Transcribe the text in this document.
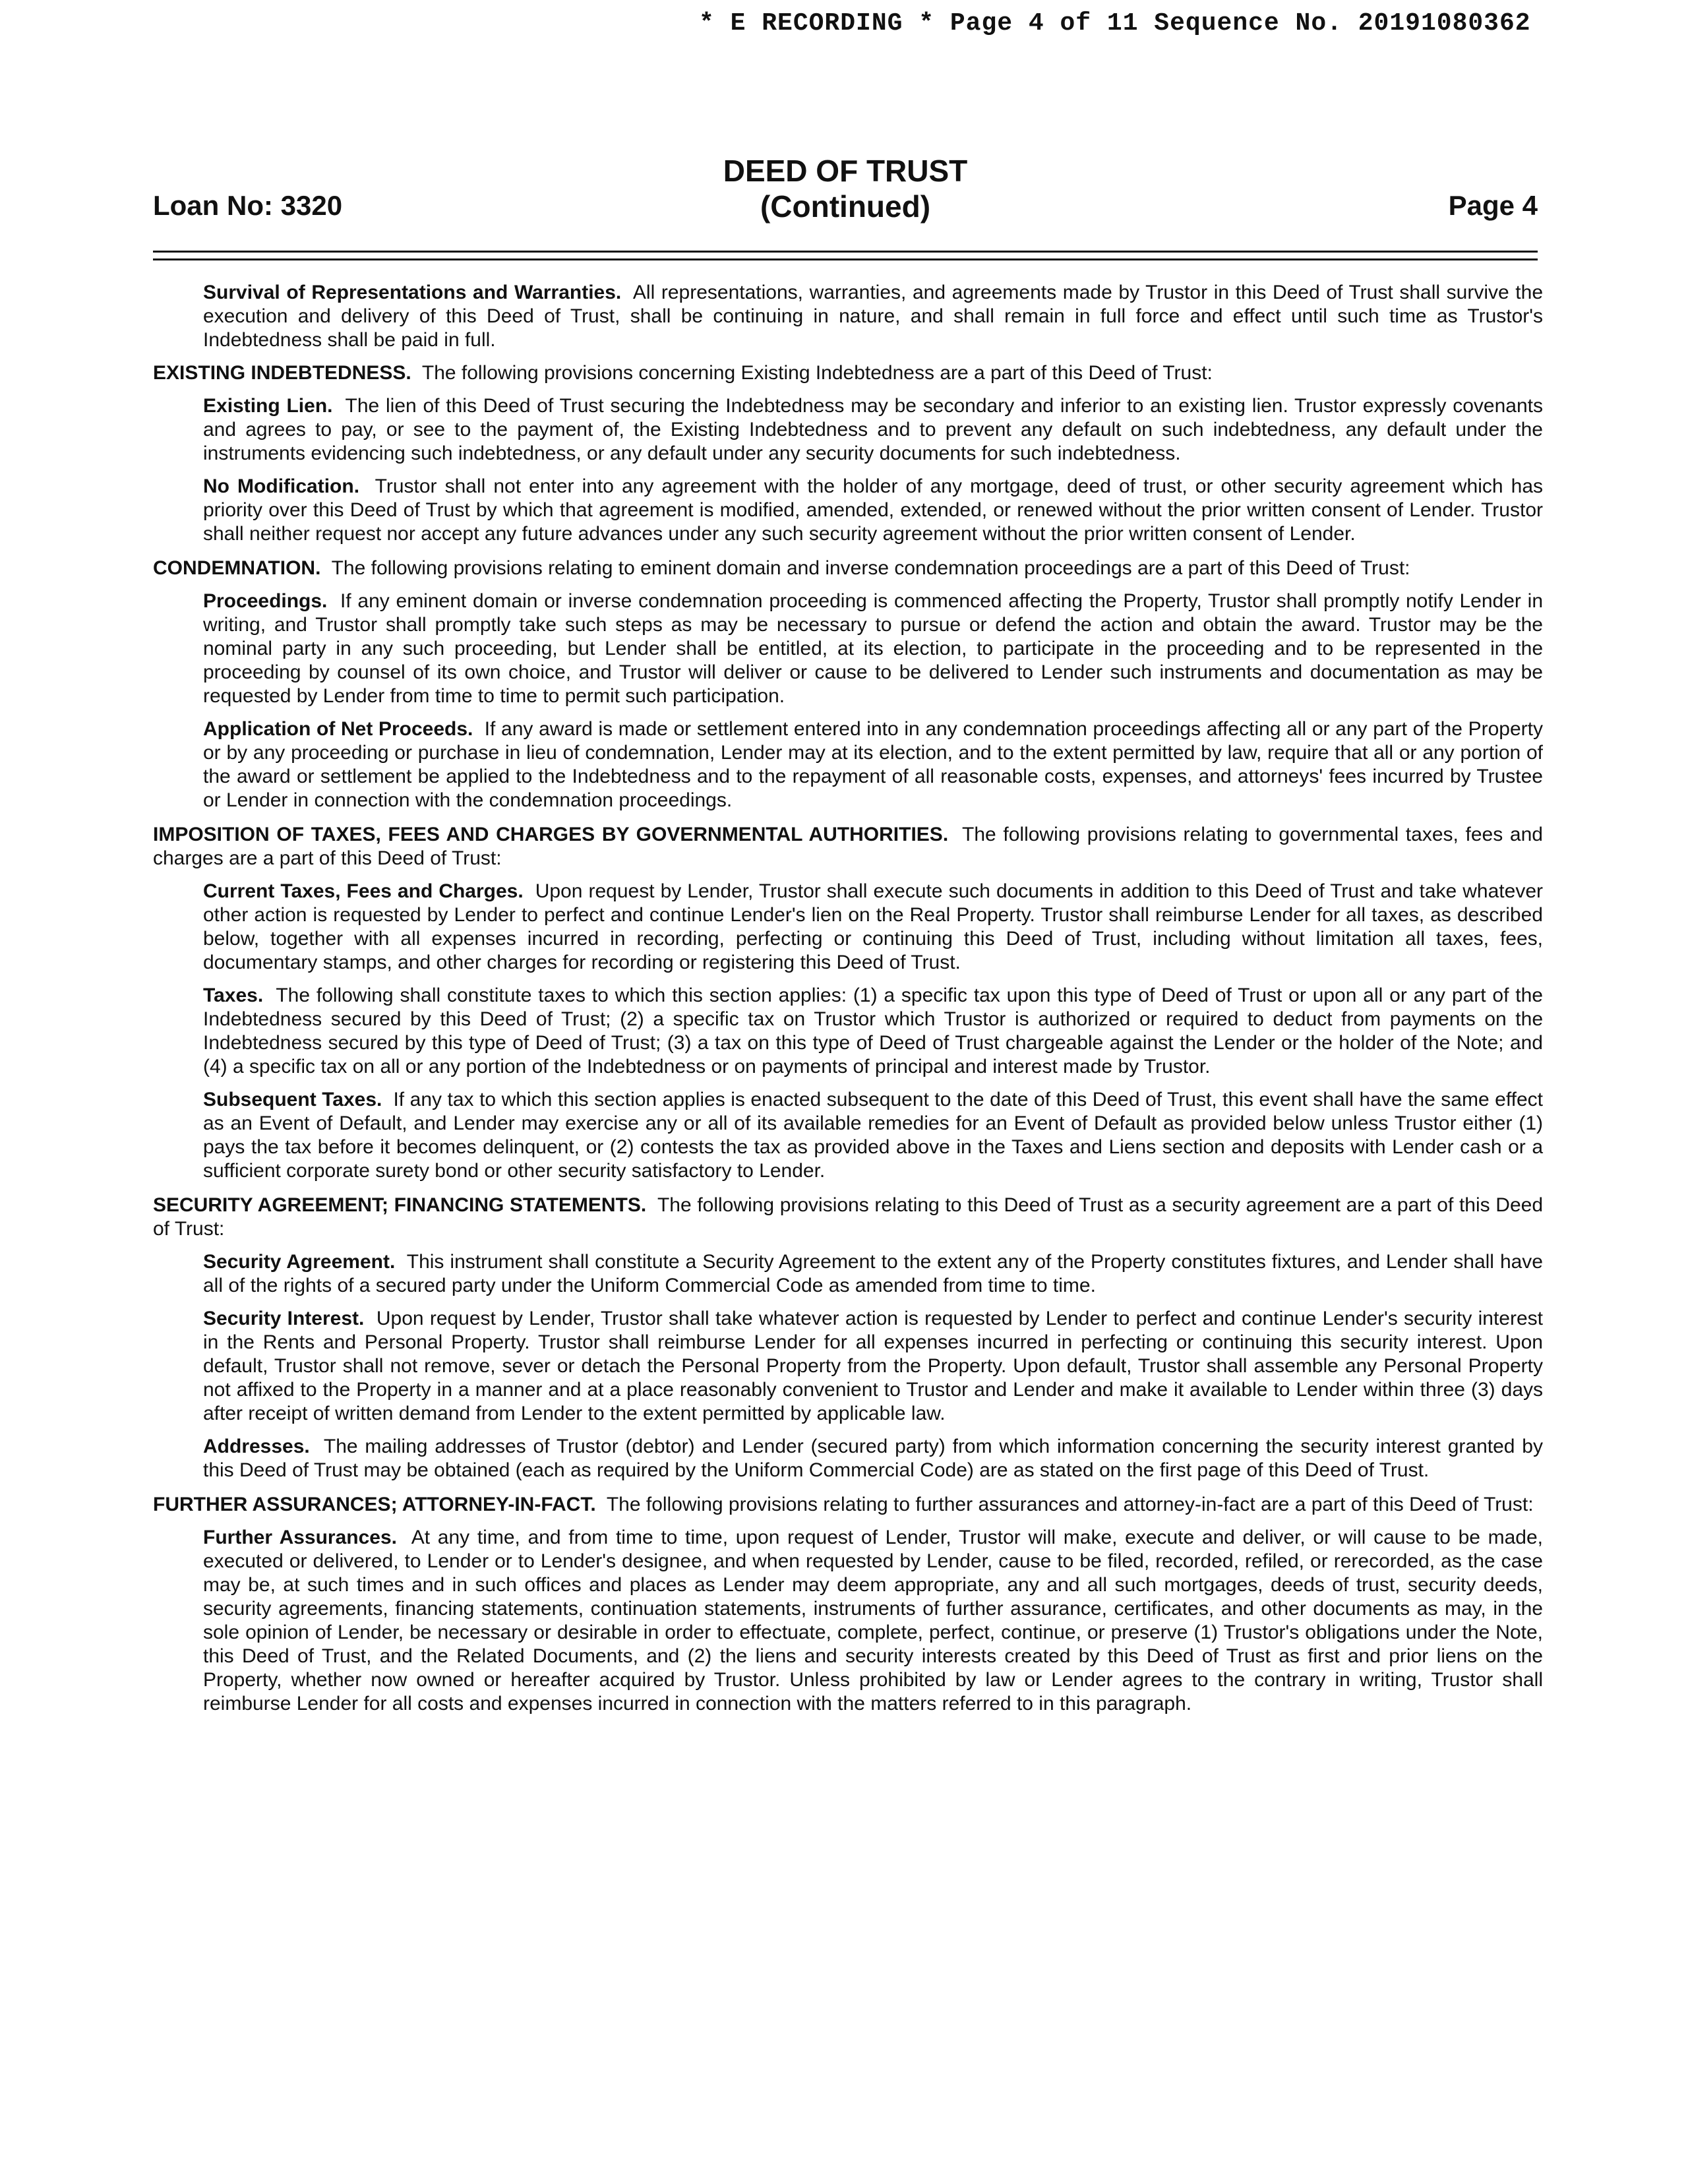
* E RECORDING * Page 4 of 11 Sequence No. 20191080362
Loan No: 3320
DEED OF TRUST
(Continued)	Page 4

Survival of Representations and Warranties. All representations, warranties, and agreements made by Trustor in this Deed of Trust shall survive the execution and delivery of this Deed of Trust, shall be continuing in nature, and shall remain in full force and effect until such time as Trustor's Indebtedness shall be paid in full.

EXISTING INDEBTEDNESS. The following provisions concerning Existing Indebtedness are a part of this Deed of Trust:

Existing Lien. The lien of this Deed of Trust securing the Indebtedness may be secondary and inferior to an existing lien. Trustor expressly covenants and agrees to pay, or see to the payment of, the Existing Indebtedness and to prevent any default on such indebtedness, any default under the instruments evidencing such indebtedness, or any default under any security documents for such indebtedness.

No Modification. Trustor shall not enter into any agreement with the holder of any mortgage, deed of trust, or other security agreement which has priority over this Deed of Trust by which that agreement is modified, amended, extended, or renewed without the prior written consent of Lender. Trustor shall neither request nor accept any future advances under any such security agreement without the prior written consent of Lender.

CONDEMNATION. The following provisions relating to eminent domain and inverse condemnation proceedings are a part of this Deed of Trust:

Proceedings. If any eminent domain or inverse condemnation proceeding is commenced affecting the Property, Trustor shall promptly notify Lender in writing, and Trustor shall promptly take such steps as may be necessary to pursue or defend the action and obtain the award. Trustor may be the nominal party in any such proceeding, but Lender shall be entitled, at its election, to participate in the proceeding and to be represented in the proceeding by counsel of its own choice, and Trustor will deliver or cause to be delivered to Lender such instruments and documentation as may be requested by Lender from time to time to permit such participation.

Application of Net Proceeds. If any award is made or settlement entered into in any condemnation proceedings affecting all or any part of the Property or by any proceeding or purchase in lieu of condemnation, Lender may at its election, and to the extent permitted by law, require that all or any portion of the award or settlement be applied to the Indebtedness and to the repayment of all reasonable costs, expenses, and attorneys' fees incurred by Trustee or Lender in connection with the condemnation proceedings.

IMPOSITION OF TAXES, FEES AND CHARGES BY GOVERNMENTAL AUTHORITIES. The following provisions relating to governmental taxes, fees and charges are a part of this Deed of Trust:

Current Taxes, Fees and Charges. Upon request by Lender, Trustor shall execute such documents in addition to this Deed of Trust and take whatever other action is requested by Lender to perfect and continue Lender's lien on the Real Property. Trustor shall reimburse Lender for all taxes, as described below, together with all expenses incurred in recording, perfecting or continuing this Deed of Trust, including without limitation all taxes, fees, documentary stamps, and other charges for recording or registering this Deed of Trust.

Taxes. The following shall constitute taxes to which this section applies: (1) a specific tax upon this type of Deed of Trust or upon all or any part of the Indebtedness secured by this Deed of Trust; (2) a specific tax on Trustor which Trustor is authorized or required to deduct from payments on the Indebtedness secured by this type of Deed of Trust; (3) a tax on this type of Deed of Trust chargeable against the Lender or the holder of the Note; and (4) a specific tax on all or any portion of the Indebtedness or on payments of principal and interest made by Trustor.

Subsequent Taxes. If any tax to which this section applies is enacted subsequent to the date of this Deed of Trust, this event shall have the same effect as an Event of Default, and Lender may exercise any or all of its available remedies for an Event of Default as provided below unless Trustor either (1) pays the tax before it becomes delinquent, or (2) contests the tax as provided above in the Taxes and Liens section and deposits with Lender cash or a sufficient corporate surety bond or other security satisfactory to Lender.

SECURITY AGREEMENT; FINANCING STATEMENTS. The following provisions relating to this Deed of Trust as a security agreement are a part of this Deed of Trust:

Security Agreement. This instrument shall constitute a Security Agreement to the extent any of the Property constitutes fixtures, and Lender shall have all of the rights of a secured party under the Uniform Commercial Code as amended from time to time.

Security Interest. Upon request by Lender, Trustor shall take whatever action is requested by Lender to perfect and continue Lender's security interest in the Rents and Personal Property. Trustor shall reimburse Lender for all expenses incurred in perfecting or continuing this security interest. Upon default, Trustor shall not remove, sever or detach the Personal Property from the Property. Upon default, Trustor shall assemble any Personal Property not affixed to the Property in a manner and at a place reasonably convenient to Trustor and Lender and make it available to Lender within three (3) days after receipt of written demand from Lender to the extent permitted by applicable law.

Addresses. The mailing addresses of Trustor (debtor) and Lender (secured party) from which information concerning the security interest granted by this Deed of Trust may be obtained (each as required by the Uniform Commercial Code) are as stated on the first page of this Deed of Trust.

FURTHER ASSURANCES; ATTORNEY-IN-FACT. The following provisions relating to further assurances and attorney-in-fact are a part of this Deed of Trust:

Further Assurances. At any time, and from time to time, upon request of Lender, Trustor will make, execute and deliver, or will cause to be made, executed or delivered, to Lender or to Lender's designee, and when requested by Lender, cause to be filed, recorded, refiled, or rerecorded, as the case may be, at such times and in such offices and places as Lender may deem appropriate, any and all such mortgages, deeds of trust, security deeds, security agreements, financing statements, continuation statements, instruments of further assurance, certificates, and other documents as may, in the sole opinion of Lender, be necessary or desirable in order to effectuate, complete, perfect, continue, or preserve (1) Trustor's obligations under the Note, this Deed of Trust, and the Related Documents, and (2) the liens and security interests created by this Deed of Trust as first and prior liens on the Property, whether now owned or hereafter acquired by Trustor. Unless prohibited by law or Lender agrees to the contrary in writing, Trustor shall reimburse Lender for all costs and expenses incurred in connection with the matters referred to in this paragraph.
